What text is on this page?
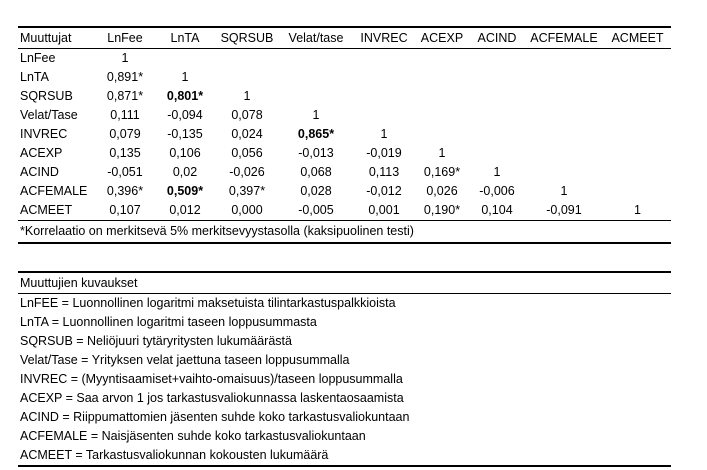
Muuttujat	LnFee	LnTA	SQRSUB	Velat/tase	INVREC	ACEXP	ACIND	ACFEMALE	ACMEET
LnFee	1								
LnTA	0,891*	1							
SQRSUB	0,871*	0,801*	1						
Velat/Tase	0,111	-0,094	0,078	1					
INVREC	0,079	-0,135	0,024	0,865*	1				
ACEXP	0,135	0,106	0,056	-0,013	-0,019	1			
ACIND	-0,051	0,02	-0,026	0,068	0,113	0,169*	1		
ACFEMALE	0,396*	0,509*	0,397*	0,028	-0,012	0,026	-0,006	1	
ACMEET	0,107	0,012	0,000	-0,005	0,001	0,190*	0,104	-0,091	1
*Korrelaatio on merkitsevä 5% merkitsevyystasolla (kaksipuolinen testi)
Muuttujien kuvaukset
LnFEE = Luonnollinen logaritmi maksetuista tilintarkastuspalkkioista
LnTA = Luonnollinen logaritmi taseen loppusummasta
SQRSUB = Neliöjuuri tytäryritysten lukumäärästä
Velat/Tase = Yrityksen velat jaettuna taseen loppusummalla
INVREC = (Myyntisaamiset+vaihto-omaisuus)/taseen loppusummalla
ACEXP = Saa arvon 1 jos tarkastusvaliokunnassa laskentaosaamista
ACIND = Riippumattomien jäsenten suhde koko tarkastusvaliokuntaan
ACFEMALE = Naisjäsenten suhde koko tarkastusvaliokuntaan
ACMEET = Tarkastusvaliokunnan kokousten lukumäärä
